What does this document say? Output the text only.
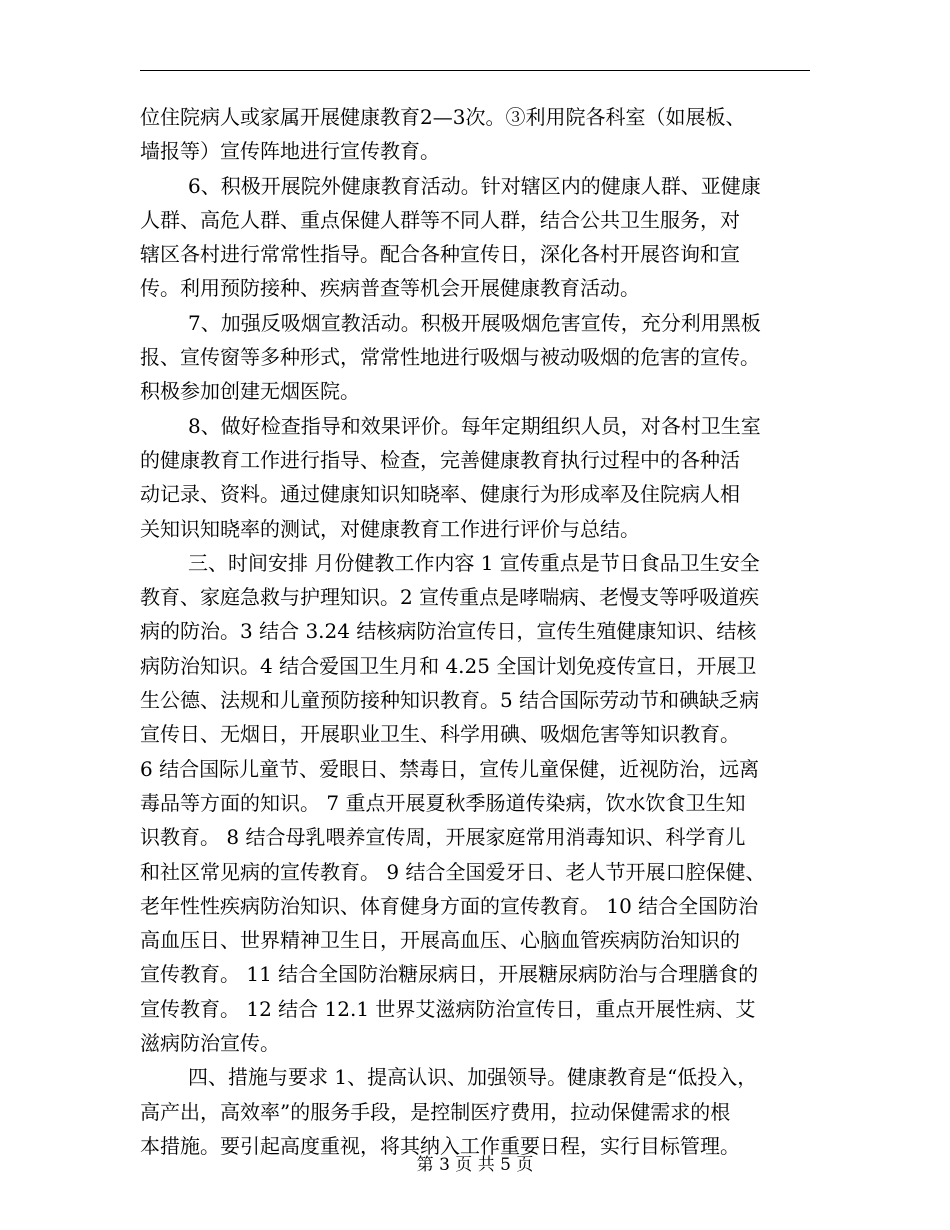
位住院病人或家属开展健康教育2—3次。③利用院各科室（如展板、
墙报等）宣传阵地进行宣传教育。
6、积极开展院外健康教育活动。针对辖区内的健康人群、亚健康
人群、高危人群、重点保健人群等不同人群，结合公共卫生服务，对
辖区各村进行常常性指导。配合各种宣传日，深化各村开展咨询和宣
传。利用预防接种、疾病普查等机会开展健康教育活动。
7、加强反吸烟宣教活动。积极开展吸烟危害宣传，充分利用黑板
报、宣传窗等多种形式，常常性地进行吸烟与被动吸烟的危害的宣传。
积极参加创建无烟医院。
8、做好检查指导和效果评价。每年定期组织人员，对各村卫生室
的健康教育工作进行指导、检查，完善健康教育执行过程中的各种活
动记录、资料。通过健康知识知晓率、健康行为形成率及住院病人相
关知识知晓率的测试，对健康教育工作进行评价与总结。
三、时间安排 月份健教工作内容 1 宣传重点是节日食品卫生安全
教育、家庭急救与护理知识。2 宣传重点是哮喘病、老慢支等呼吸道疾
病的防治。3 结合 3.24 结核病防治宣传日，宣传生殖健康知识、结核
病防治知识。4 结合爱国卫生月和 4.25 全国计划免疫传宣日，开展卫
生公德、法规和儿童预防接种知识教育。5 结合国际劳动节和碘缺乏病
宣传日、无烟日，开展职业卫生、科学用碘、吸烟危害等知识教育。
6 结合国际儿童节、爱眼日、禁毒日，宣传儿童保健，近视防治，远离
毒品等方面的知识。 7 重点开展夏秋季肠道传染病，饮水饮食卫生知
识教育。 8 结合母乳喂养宣传周，开展家庭常用消毒知识、科学育儿
和社区常见病的宣传教育。 9 结合全国爱牙日、老人节开展口腔保健、
老年性性疾病防治知识、体育健身方面的宣传教育。 10 结合全国防治
高血压日、世界精神卫生日，开展高血压、心脑血管疾病防治知识的
宣传教育。 11 结合全国防治糖尿病日，开展糖尿病防治与合理膳食的
宣传教育。 12 结合 12.1 世界艾滋病防治宣传日，重点开展性病、艾
滋病防治宣传。
四、措施与要求 1、提高认识、加强领导。健康教育是“低投入，
高产出，高效率”的服务手段，是控制医疗费用，拉动保健需求的根
本措施。要引起高度重视，将其纳入工作重要日程，实行目标管理。
第 3 页 共 5 页
